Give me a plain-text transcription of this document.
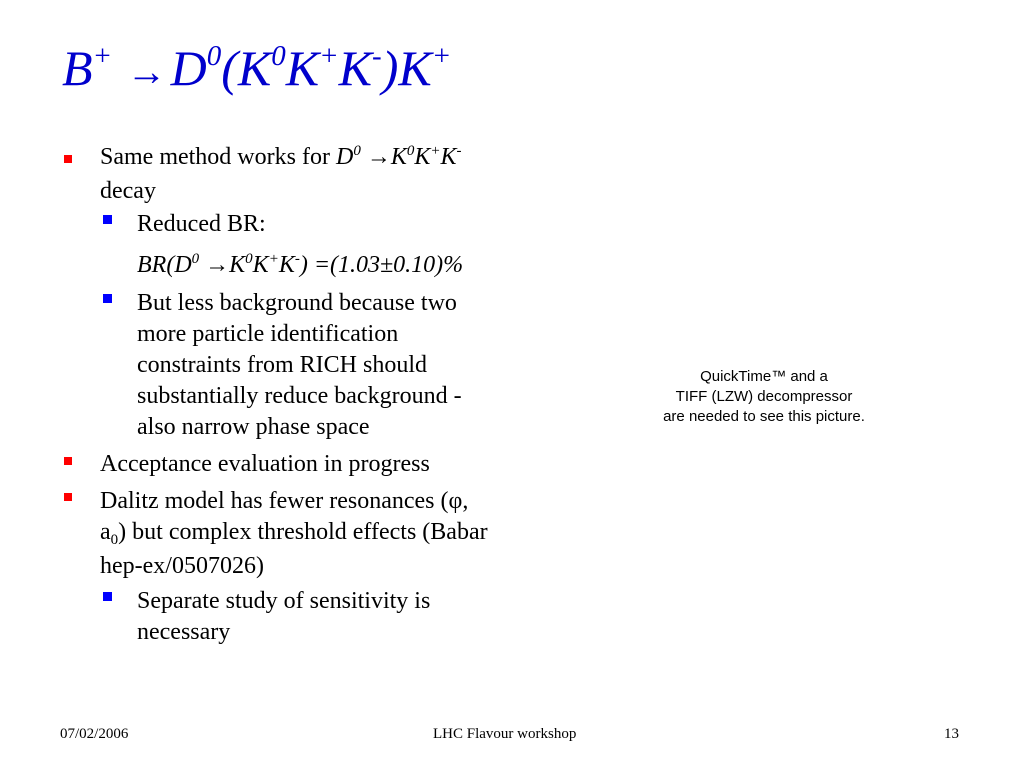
$B^+ \to D^0(K^0K^+K^-)K^+$
Same method works for $D^0 \to K^0K^+K^-$
decay
Reduced BR:
$BR(D^0 \to K^0K^+K^-) =(1.03\pm 0.10)\%$
But less background because two
more particle identification
constraints from RICH should
substantially reduce background -
also narrow phase space
Acceptance evaluation in progress
Dalitz model has fewer resonances (φ,
$a_0$) but complex threshold effects (Babar
hep-ex/0507026)
Separate study of sensitivity is
necessary
QuickTime™ and a
TIFF (LZW) decompressor
are needed to see this picture.
07/02/2006	LHC Flavour workshop	13
